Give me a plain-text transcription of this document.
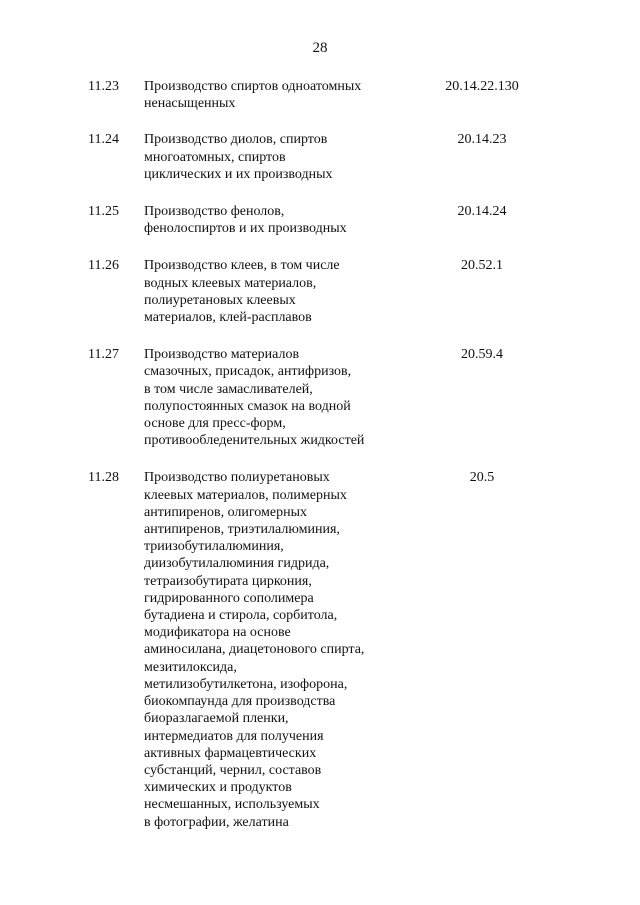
28
11.23 Производство спиртов одноатомных
ненасыщенных
20.14.22.130
11.24 Производство диолов, спиртов
многоатомных, спиртов
циклических и их производных
20.14.23
11.25 Производство фенолов,
фенолоспиртов и их производных
20.14.24
11.26 Производство клеев, в том числе
водных клеевых материалов,
полиуретановых клеевых
материалов, клей-расплавов
20.52.1
11.27 Производство материалов
смазочных, присадок, антифризов,
в том числе замасливателей,
полупостоянных смазок на водной
основе для пресс-форм,
противообледенительных жидкостей
20.59.4
11.28 Производство полиуретановых
клеевых материалов, полимерных
антипиренов, олигомерных
антипиренов, триэтилалюминия,
триизобутилалюминия,
диизобутилалюминия гидрида,
тетраизобутирата циркония,
гидрированного сополимера
бутадиена и стирола, сорбитола,
модификатора на основе
аминосилана, диацетонового спирта,
мезитилоксида,
метилизобутилкетона, изофорона,
биокомпаунда для производства
биоразлагаемой пленки,
интермедиатов для получения
активных фармацевтических
субстанций, чернил, составов
химических и продуктов
несмешанных, используемых
в фотографии, желатина
20.5
